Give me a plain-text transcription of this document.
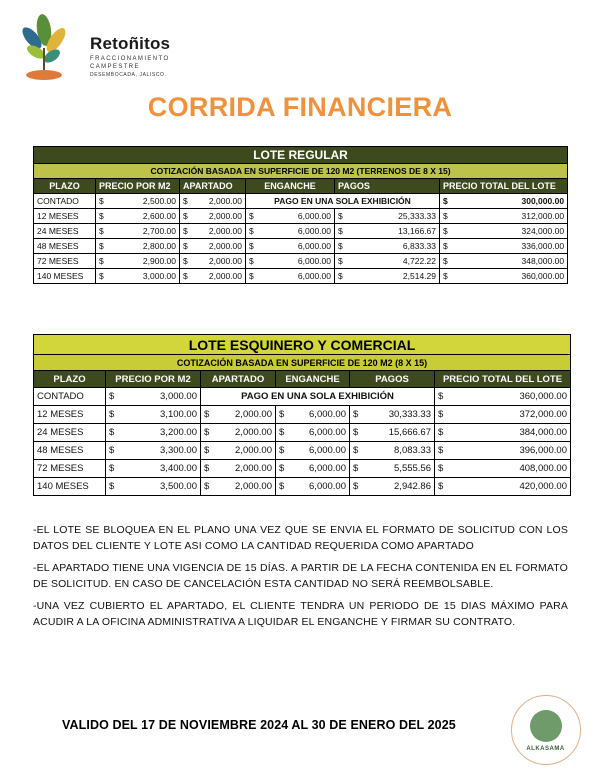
Retoñitos
FRACCIONAMIENTO
CAMPESTRE
DESEMBOCADA, JALISCO.
CORRIDA FINANCIERA
LOTE REGULAR					
COTIZACIÓN BASADA EN SUPERFICIE DE 120 M2 (TERRENOS DE 8 X 15)					
PLAZO	PRECIO POR M2	APARTADO	ENGANCHE	PAGOS	PRECIO TOTAL DEL LOTE
CONTADO	$ 2,500.00	$ 2,000.00	PAGO EN UNA SOLA EXHIBICIÓN		$ 300,000.00

12 MESES	$ 2,600.00	$ 2,000.00	$ 6,000.00	$ 25,333.33	$ 312,000.00

24 MESES	$ 2,700.00	$ 2,000.00	$ 6,000.00	$ 13,166.67	$ 324,000.00

48 MESES	$ 2,800.00	$ 2,000.00	$ 6,000.00	$ 6,833.33	$ 336,000.00

72 MESES	$ 2,900.00	$ 2,000.00	$ 6,000.00	$ 4,722.22	$ 348,000.00

140 MESES	$ 3,000.00	$ 2,000.00	$ 6,000.00	$ 2,514.29	$ 360,000.00
LOTE ESQUINERO Y COMERCIAL					
COTIZACIÓN BASADA EN SUPERFICIE DE 120 M2 (8 X 15)					
PLAZO	PRECIO POR M2	APARTADO	ENGANCHE	PAGOS	PRECIO TOTAL DEL LOTE
CONTADO	$ 3,000.00	PAGO EN UNA SOLA EXHIBICIÓN			$ 360,000.00

12 MESES	$ 3,100.00	$ 2,000.00	$ 6,000.00	$ 30,333.33	$ 372,000.00

24 MESES	$ 3,200.00	$ 2,000.00	$ 6,000.00	$ 15,666.67	$ 384,000.00

48 MESES	$ 3,300.00	$ 2,000.00	$ 6,000.00	$ 8,083.33	$ 396,000.00

72 MESES	$ 3,400.00	$ 2,000.00	$ 6,000.00	$ 5,555.56	$ 408,000.00

140 MESES	$ 3,500.00	$ 2,000.00	$ 6,000.00	$ 2,942.86	$ 420,000.00

-EL LOTE SE BLOQUEA EN EL PLANO UNA VEZ QUE SE ENVIA EL FORMATO DE SOLICITUD CON LOS DATOS DEL CLIENTE Y LOTE ASI COMO LA CANTIDAD REQUERIDA COMO APARTADO

-EL APARTADO TIENE UNA VIGENCIA DE 15 DÍAS. A PARTIR DE LA FECHA CONTENIDA EN EL FORMATO DE SOLICITUD. EN CASO DE CANCELACIÓN ESTA CANTIDAD NO SERÁ REEMBOLSABLE.

-UNA VEZ CUBIERTO EL APARTADO, EL CLIENTE TENDRA UN PERIODO DE 15 DIAS MÁXIMO PARA ACUDIR A LA OFICINA ADMINISTRATIVA A LIQUIDAR EL ENGANCHE Y FIRMAR SU CONTRATO.

VALIDO DEL 17 DE NOVIEMBRE 2024 AL 30 DE ENERO DEL 2025
ALKASAMA
